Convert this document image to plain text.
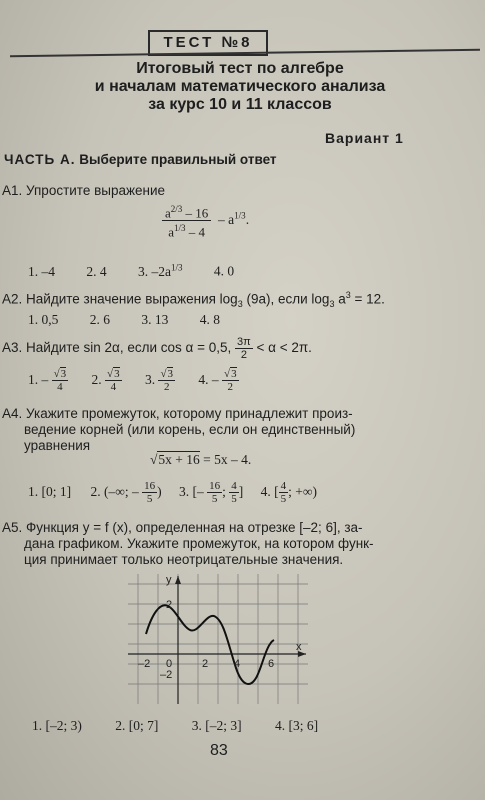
ТЕСТ №8
Итоговый тест по алгебре
и началам математического анализа
за курс 10 и 11 классов
Вариант 1
ЧАСТЬ А. Выберите правильный ответ
A1. Упростите выражение
$\frac{a^{2/3} - 16}{a^{1/3} - 4} - a^{1/3}$.
1. –4 2. 4 3. $-2a^{1/3}$ 4. 0
A2. Найдите значение выражения $\log_3 (9a)$, если $\log_3 a^3 = 12$.
1. 0,5 2. 6 3. 13 4. 8
A3. Найдите sin 2α, если cos α = 0,5, $\frac{3\pi}{2} < \alpha < 2\pi$.
1. – $\frac{√3}{4} 2$. $\frac{√3}{4} 3$. $\frac{√3}{2} 4$. – $\frac{√3}{2}$
A4. Укажите промежуток, которому принадлежит произ-
ведение корней (или корень, если он единственный)
уравнения
√5x + 16 = 5x – 4.
1. [0; 1] 2. (–∞; – $\frac{16}{5}$ ) 3. [– $\frac{16}{5}$ ; $\frac{4}{5}$ ] 4. [ $\frac{4}{5}$ ; +∞)
A5. Функция y = f (x), определенная на отрезке [–2; 6], за-
дана графиком. Укажите промежуток, на котором функ-
ция принимает только неотрицательные значения.
y
x
2
–2
–2 0	2 4	6
1. [–2; 3) 2. [0; 7] 3. [–2; 3] 4. [3; 6]
83
